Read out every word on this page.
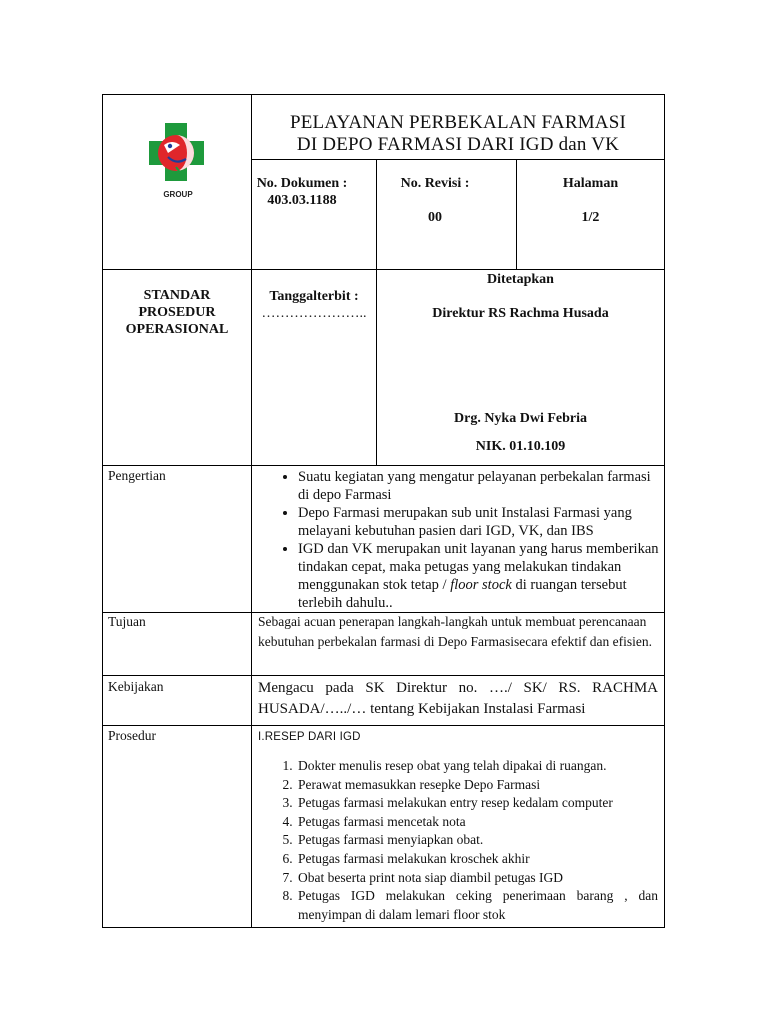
GROUP
PELAYANAN PERBEKALAN FARMASI
DI DEPO FARMASI DARI IGD dan VK
No. Dokumen :
403.03.1188
No. Revisi :
00
Halaman
1/2
STANDAR
PROSEDUR
OPERASIONAL
Tanggalterbit :
…………………..
Ditetapkan
Direktur RS Rachma Husada
Drg. Nyka Dwi Febria
NIK. 01.10.109
Pengertian
•	Suatu kegiatan yang mengatur pelayanan perbekalan farmasi di depo Farmasi
• Depo Farmasi merupakan sub unit Instalasi Farmasi yang melayani kebutuhan pasien dari IGD, VK, dan IBS
• IGD dan VK merupakan unit layanan yang harus memberikan tindakan cepat, maka petugas yang melakukan tindakan menggunakan stok tetap / floor stock di ruangan tersebut terlebih dahulu..
Tujuan	Sebagai acuan penerapan langkah-langkah untuk membuat perencanaan kebutuhan perbekalan farmasi di Depo Farmasisecara efektif dan efisien.
Kebijakan	Mengacu pada SK Direktur no. …./ SK/ RS. RACHMA HUSADA/…../… tentang Kebijakan Instalasi Farmasi
Prosedur	I.RESEP DARI IGD
1. Dokter menulis resep obat yang telah dipakai di ruangan.
2. Perawat memasukkan resepke Depo Farmasi
3. Petugas farmasi melakukan entry resep kedalam computer
4. Petugas farmasi mencetak nota
5. Petugas farmasi menyiapkan obat.
6. Petugas farmasi melakukan kroschek akhir
7. Obat beserta print nota siap diambil petugas IGD
8. Petugas IGD melakukan ceking penerimaan barang , dan menyimpan di dalam lemari floor stok
